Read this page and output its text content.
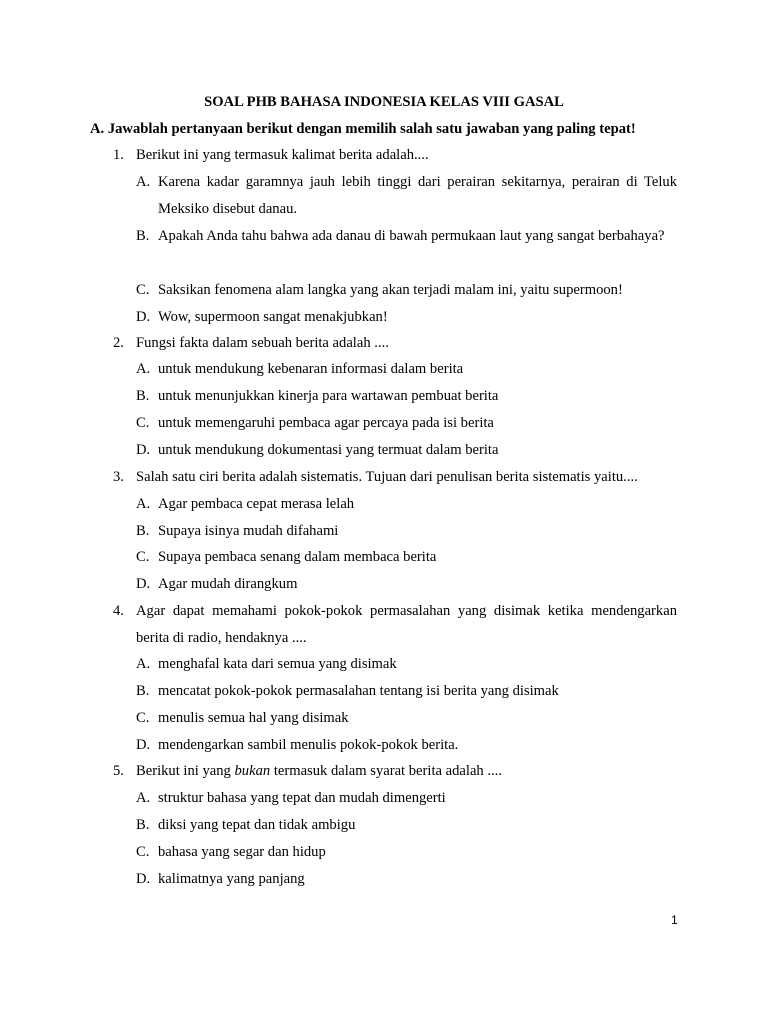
SOAL PHB BAHASA INDONESIA KELAS VIII GASAL
A. Jawablah pertanyaan berikut dengan memilih salah satu jawaban yang paling tepat!
1. Berikut ini yang termasuk kalimat berita adalah....
A. Karena kadar garamnya jauh lebih tinggi dari perairan sekitarnya, perairan di Teluk Meksiko disebut danau.
B. Apakah Anda tahu bahwa ada danau di bawah permukaan laut yang sangat berbahaya?
C. Saksikan fenomena alam langka yang akan terjadi malam ini, yaitu supermoon!
D. Wow, supermoon sangat menakjubkan!
2. Fungsi fakta dalam sebuah berita adalah ....
A. untuk mendukung kebenaran informasi dalam berita
B. untuk menunjukkan kinerja para wartawan pembuat berita
C. untuk memengaruhi pembaca agar percaya pada isi berita
D. untuk mendukung dokumentasi yang termuat dalam berita
3. Salah satu ciri berita adalah sistematis. Tujuan dari penulisan berita sistematis yaitu....
A. Agar pembaca cepat merasa lelah
B. Supaya isinya mudah difahami
C. Supaya pembaca senang dalam membaca berita
D. Agar mudah dirangkum
4. Agar dapat memahami pokok-pokok permasalahan yang disimak ketika mendengarkan berita di radio, hendaknya ....
A. menghafal kata dari semua yang disimak
B. mencatat pokok-pokok permasalahan tentang isi berita yang disimak
C. menulis semua hal yang disimak
D. mendengarkan sambil menulis pokok-pokok berita.
5. Berikut ini yang bukan termasuk dalam syarat berita adalah ....
A. struktur bahasa yang tepat dan mudah dimengerti
B. diksi yang tepat dan tidak ambigu
C. bahasa yang segar dan hidup
D. kalimatnya yang panjang
1
